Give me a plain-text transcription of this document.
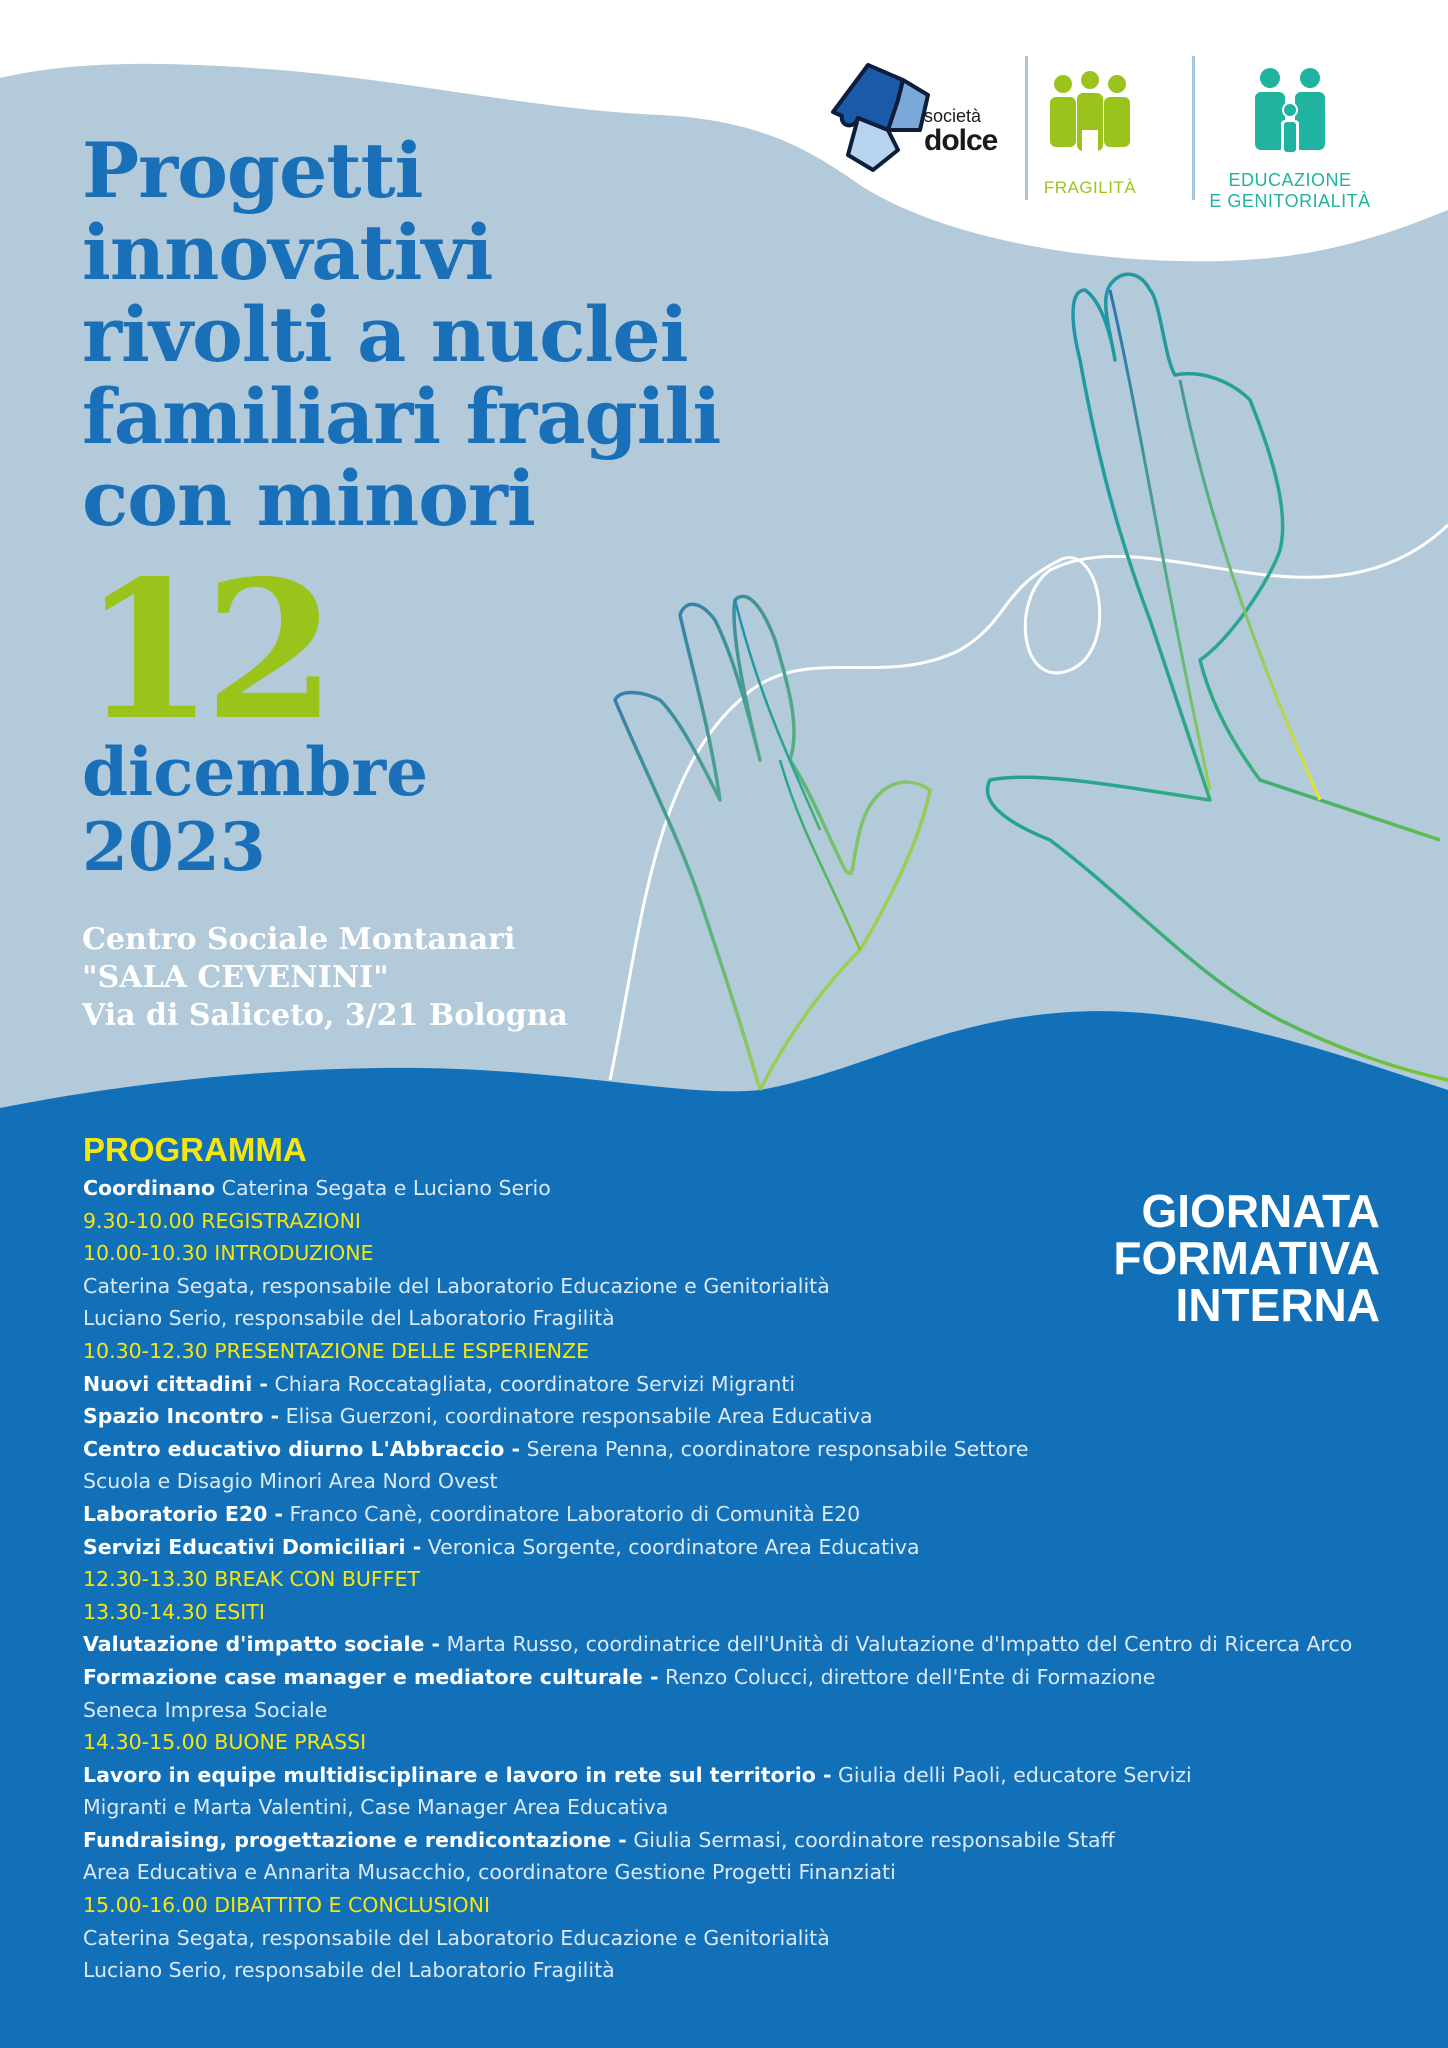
società
dolce
FRAGILITÀ	EDUCAZIONE
E GENITORIALITÀ
Progetti
innovativi
rivolti a nuclei
familiari fragili
con minori
12
dicembre
2023
Centro Sociale Montanari
"SALA CEVENINI"
Via di Saliceto, 3/21 Bologna
GIORNATA
FORMATIVA
INTERNA
PROGRAMMA
Coordinano Caterina Segata e Luciano Serio
9.30-10.00 REGISTRAZIONI
10.00-10.30 INTRODUZIONE
Caterina Segata, responsabile del Laboratorio Educazione e Genitorialità
Luciano Serio, responsabile del Laboratorio Fragilità
10.30-12.30 PRESENTAZIONE DELLE ESPERIENZE
Nuovi cittadini - Chiara Roccatagliata, coordinatore Servizi Migranti
Spazio Incontro - Elisa Guerzoni, coordinatore responsabile Area Educativa
Centro educativo diurno L'Abbraccio - Serena Penna, coordinatore responsabile Settore
Scuola e Disagio Minori Area Nord Ovest
Laboratorio E20 - Franco Canè, coordinatore Laboratorio di Comunità E20
Servizi Educativi Domiciliari - Veronica Sorgente, coordinatore Area Educativa
12.30-13.30 BREAK CON BUFFET
13.30-14.30 ESITI
Valutazione d'impatto sociale - Marta Russo, coordinatrice dell'Unità di Valutazione d'Impatto del Centro di Ricerca Arco
Formazione case manager e mediatore culturale - Renzo Colucci, direttore dell'Ente di Formazione
Seneca Impresa Sociale
14.30-15.00 BUONE PRASSI
Lavoro in equipe multidisciplinare e lavoro in rete sul territorio - Giulia delli Paoli, educatore Servizi
Migranti e Marta Valentini, Case Manager Area Educativa
Fundraising, progettazione e rendicontazione - Giulia Sermasi, coordinatore responsabile Staff
Area Educativa e Annarita Musacchio, coordinatore Gestione Progetti Finanziati
15.00-16.00 DIBATTITO E CONCLUSIONI
Caterina Segata, responsabile del Laboratorio Educazione e Genitorialità
Luciano Serio, responsabile del Laboratorio Fragilità
